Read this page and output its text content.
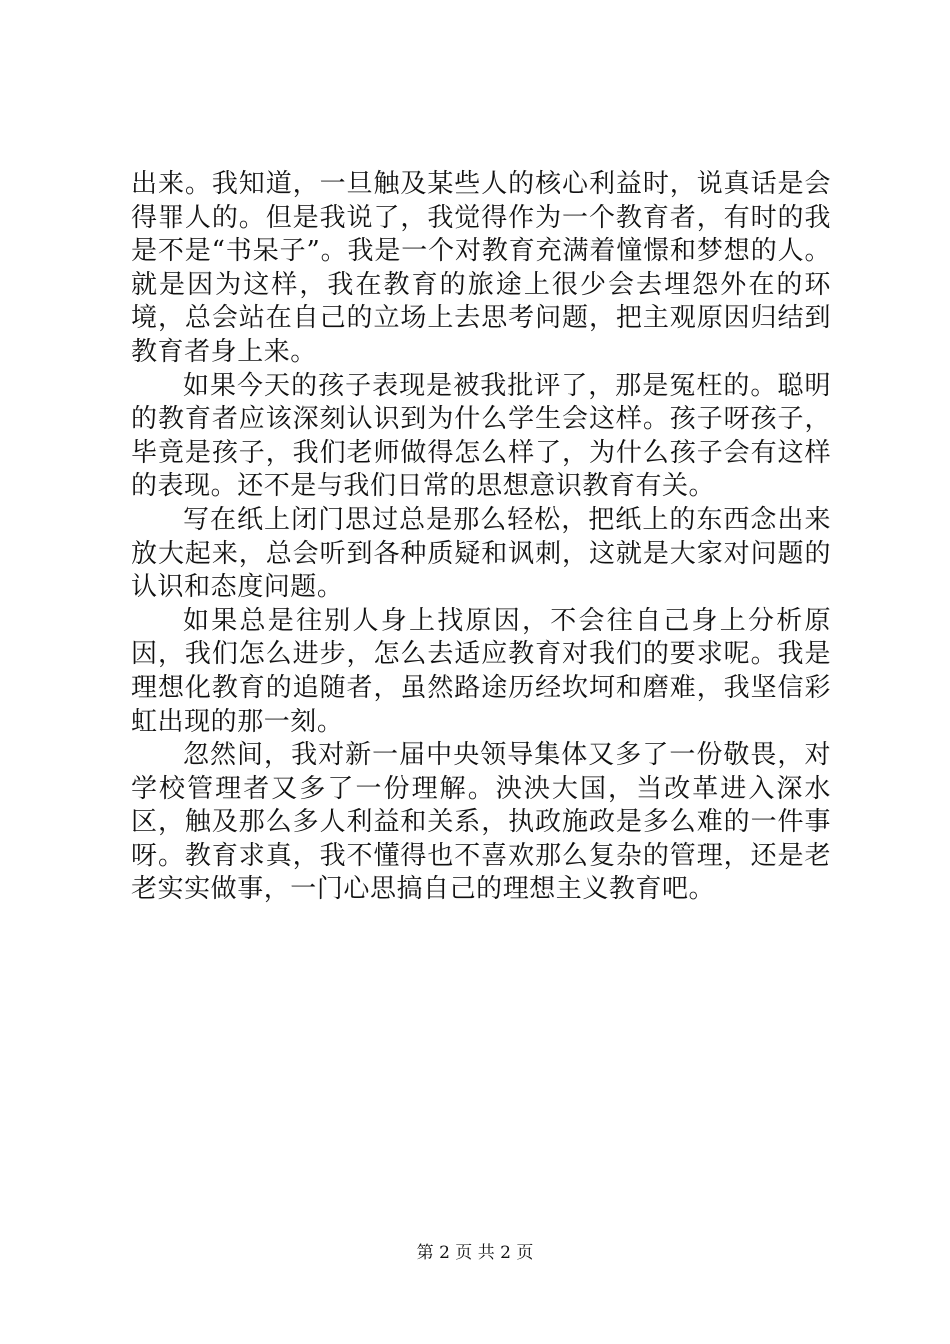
出来。我知道，一旦触及某些人的核心利益时，说真话是会得罪人的。但是我说了，我觉得作为一个教育者，有时的我是不是“书呆子”。我是一个对教育充满着憧憬和梦想的人。就是因为这样，我在教育的旅途上很少会去埋怨外在的环境，总会站在自己的立场上去思考问题，把主观原因归结到教育者身上来。

如果今天的孩子表现是被我批评了，那是冤枉的。聪明的教育者应该深刻认识到为什么学生会这样。孩子呀孩子，毕竟是孩子，我们老师做得怎么样了，为什么孩子会有这样的表现。还不是与我们日常的思想意识教育有关。

写在纸上闭门思过总是那么轻松，把纸上的东西念出来放大起来，总会听到各种质疑和讽刺，这就是大家对问题的认识和态度问题。

如果总是往别人身上找原因，不会往自己身上分析原因，我们怎么进步，怎么去适应教育对我们的要求呢。我是理想化教育的追随者，虽然路途历经坎坷和磨难，我坚信彩虹出现的那一刻。

忽然间，我对新一届中央领导集体又多了一份敬畏，对学校管理者又多了一份理解。泱泱大国，当改革进入深水区，触及那么多人利益和关系，执政施政是多么难的一件事呀。教育求真，我不懂得也不喜欢那么复杂的管理，还是老老实实做事，一门心思搞自己的理想主义教育吧。

第 2 页 共 2 页
